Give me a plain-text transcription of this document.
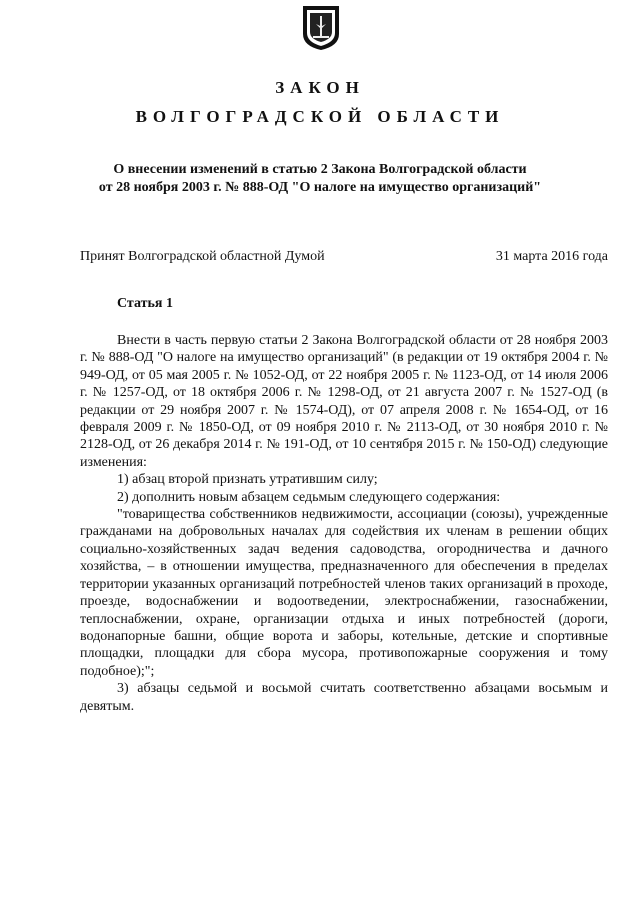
ЗАКОН
ВОЛГОГРАДСКОЙ ОБЛАСТИ
О внесении изменений в статью 2 Закона Волгоградской области
от 28 ноября 2003 г. № 888-ОД "О налоге на имущество организаций"
Принят Волгоградской областной Думой	31 марта 2016 года
Статья 1

Внести в часть первую статьи 2 Закона Волгоградской области от 28 ноября 2003 г. № 888-ОД "О налоге на имущество организаций" (в редакции от 19 октября 2004 г. № 949-ОД, от 05 мая 2005 г. № 1052-ОД, от 22 ноября 2005 г. № 1123-ОД, от 14 июля 2006 г. № 1257-ОД, от 18 октября 2006 г. № 1298-ОД, от 21 августа 2007 г. № 1527-ОД (в редакции от 29 ноября 2007 г. № 1574-ОД), от 07 апреля 2008 г. № 1654-ОД, от 16 февраля 2009 г. № 1850-ОД, от 09 ноября 2010 г. № 2113-ОД, от 30 ноября 2010 г. № 2128-ОД, от 26 декабря 2014 г. № 191-ОД, от 10 сентября 2015 г. № 150-ОД) следующие изменения:

1) абзац второй признать утратившим силу;

2) дополнить новым абзацем седьмым следующего содержания:

"товарищества собственников недвижимости, ассоциации (союзы), учрежденные гражданами на добровольных началах для содействия их членам в решении общих социально-хозяйственных задач ведения садоводства, огородничества и дачного хозяйства, – в отношении имущества, предназначенного для обеспечения в пределах территории указанных организаций потребностей членов таких организаций в проходе, проезде, водоснабжении и водоотведении, электроснабжении, газоснабжении, теплоснабжении, охране, организации отдыха и иных потребностей (дороги, водонапорные башни, общие ворота и заборы, котельные, детские и спортивные площадки, площадки для сбора мусора, противопожарные сооружения и тому подобное);";

3) абзацы седьмой и восьмой считать соответственно абзацами восьмым и девятым.
